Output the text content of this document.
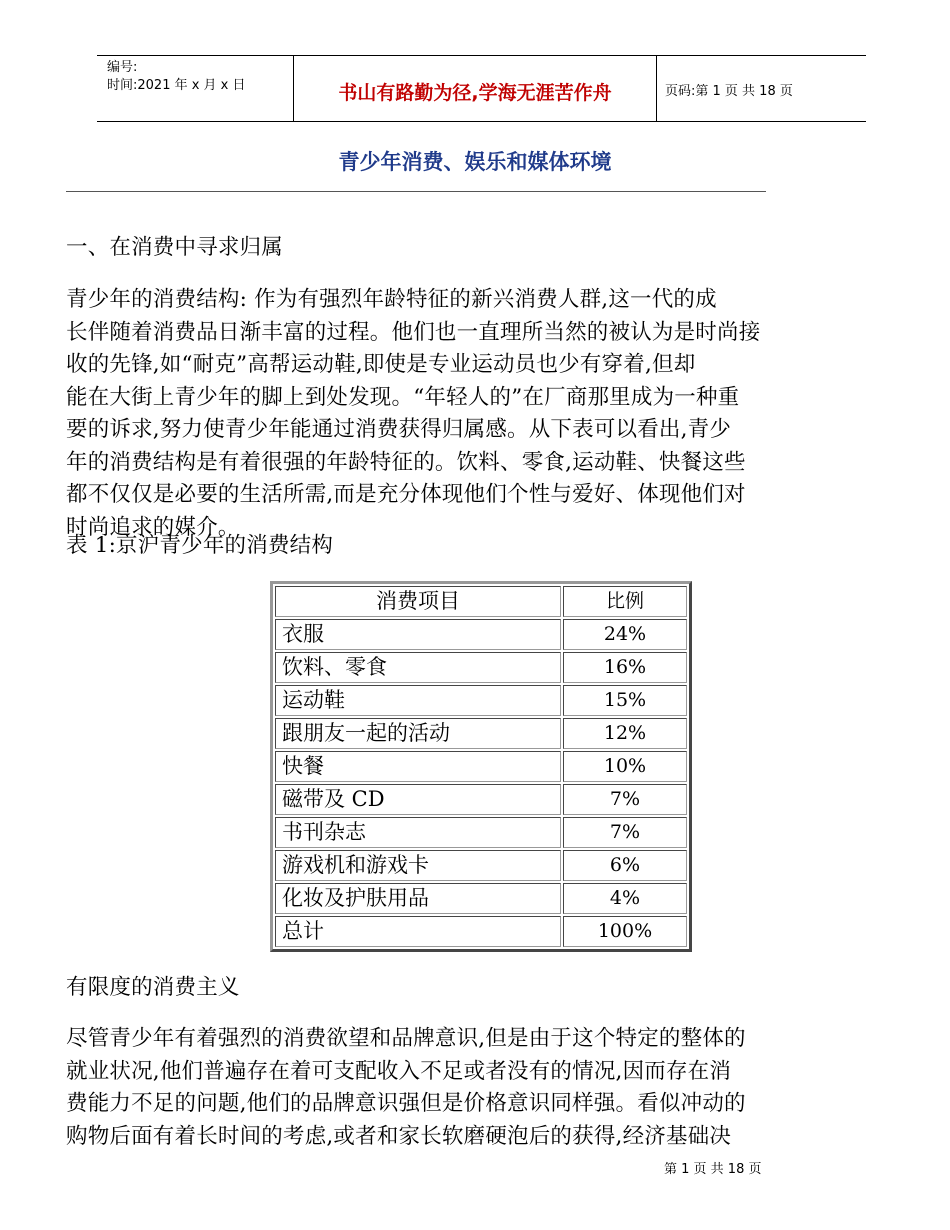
编号:
时间:2021 年 x 月 x 日	书山有路勤为径,学海无涯苦作舟	页码:第 1 页 共 18 页
青少年消费、娱乐和媒体环境
一、在消费中寻求归属
青少年的消费结构: 作为有强烈年龄特征的新兴消费人群,这一代的成
长伴随着消费品日渐丰富的过程。他们也一直理所当然的被认为是时尚接
收的先锋,如“耐克”高帮运动鞋,即使是专业运动员也少有穿着,但却
能在大街上青少年的脚上到处发现。“年轻人的”在厂商那里成为一种重
要的诉求,努力使青少年能通过消费获得归属感。从下表可以看出,青少
年的消费结构是有着很强的年龄特征的。饮料、零食,运动鞋、快餐这些
都不仅仅是必要的生活所需,而是充分体现他们个性与爱好、体现他们对
时尚追求的媒介。
表 1:京沪青少年的消费结构
消费项目	比例
衣服	24%
饮料、零食	16%
运动鞋	15%
跟朋友一起的活动	12%
快餐	10%
磁带及 CD	7%
书刊杂志	7%
游戏机和游戏卡	6%
化妆及护肤用品	4%
总计	100%
有限度的消费主义
尽管青少年有着强烈的消费欲望和品牌意识,但是由于这个特定的整体的
就业状况,他们普遍存在着可支配收入不足或者没有的情况,因而存在消
费能力不足的问题,他们的品牌意识强但是价格意识同样强。看似冲动的
购物后面有着长时间的考虑,或者和家长软磨硬泡后的获得,经济基础决
第 1 页 共 18 页
